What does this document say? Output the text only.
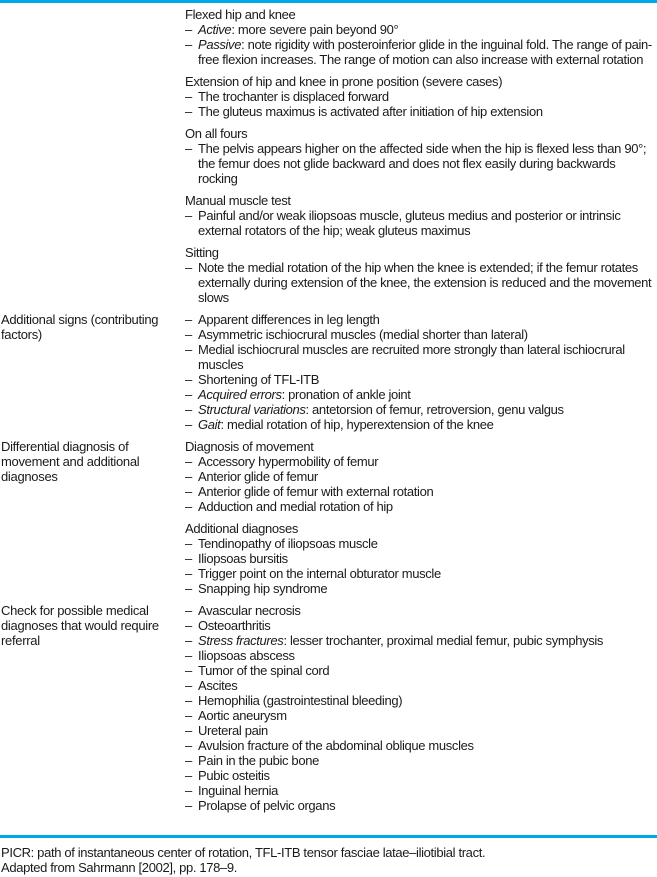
Flexed hip and knee
– Active: more severe pain beyond 90°
– Passive: note rigidity with posteroinferior glide in the inguinal fold. The range of pain-free flexion increases. The range of motion can also increase with external rotation
Extension of hip and knee in prone position (severe cases)
– The trochanter is displaced forward
– The gluteus maximus is activated after initiation of hip extension
On all fours
– The pelvis appears higher on the affected side when the hip is flexed less than 90°; the femur does not glide backward and does not flex easily during backwards rocking
Manual muscle test
– Painful and/or weak iliopsoas muscle, gluteus medius and posterior or intrinsic external rotators of the hip; weak gluteus maximus
Sitting
– Note the medial rotation of the hip when the knee is extended; if the femur rotates externally during extension of the knee, the extension is reduced and the movement slows
Additional signs (contributing factors)
– Apparent differences in leg length
– Asymmetric ischiocrural muscles (medial shorter than lateral)
– Medial ischiocrural muscles are recruited more strongly than lateral ischiocrural muscles
– Shortening of TFL-ITB
– Acquired errors: pronation of ankle joint
– Structural variations: antetorsion of femur, retroversion, genu valgus
– Gait: medial rotation of hip, hyperextension of the knee
Differential diagnosis of movement and additional diagnoses
Diagnosis of movement
– Accessory hypermobility of femur
– Anterior glide of femur
– Anterior glide of femur with external rotation
– Adduction and medial rotation of hip
Additional diagnoses
– Tendinopathy of iliopsoas muscle
– Iliopsoas bursitis
– Trigger point on the internal obturator muscle
– Snapping hip syndrome
Check for possible medical diagnoses that would require referral
– Avascular necrosis
– Osteoarthritis
– Stress fractures: lesser trochanter, proximal medial femur, pubic symphysis
– Iliopsoas abscess
– Tumor of the spinal cord
– Ascites
– Hemophilia (gastrointestinal bleeding)
– Aortic aneurysm
– Ureteral pain
– Avulsion fracture of the abdominal oblique muscles
– Pain in the pubic bone
– Pubic osteitis
– Inguinal hernia
– Prolapse of pelvic organs
PICR: path of instantaneous center of rotation, TFL-ITB tensor fasciae latae–iliotibial tract.
Adapted from Sahrmann [2002], pp. 178–9.
